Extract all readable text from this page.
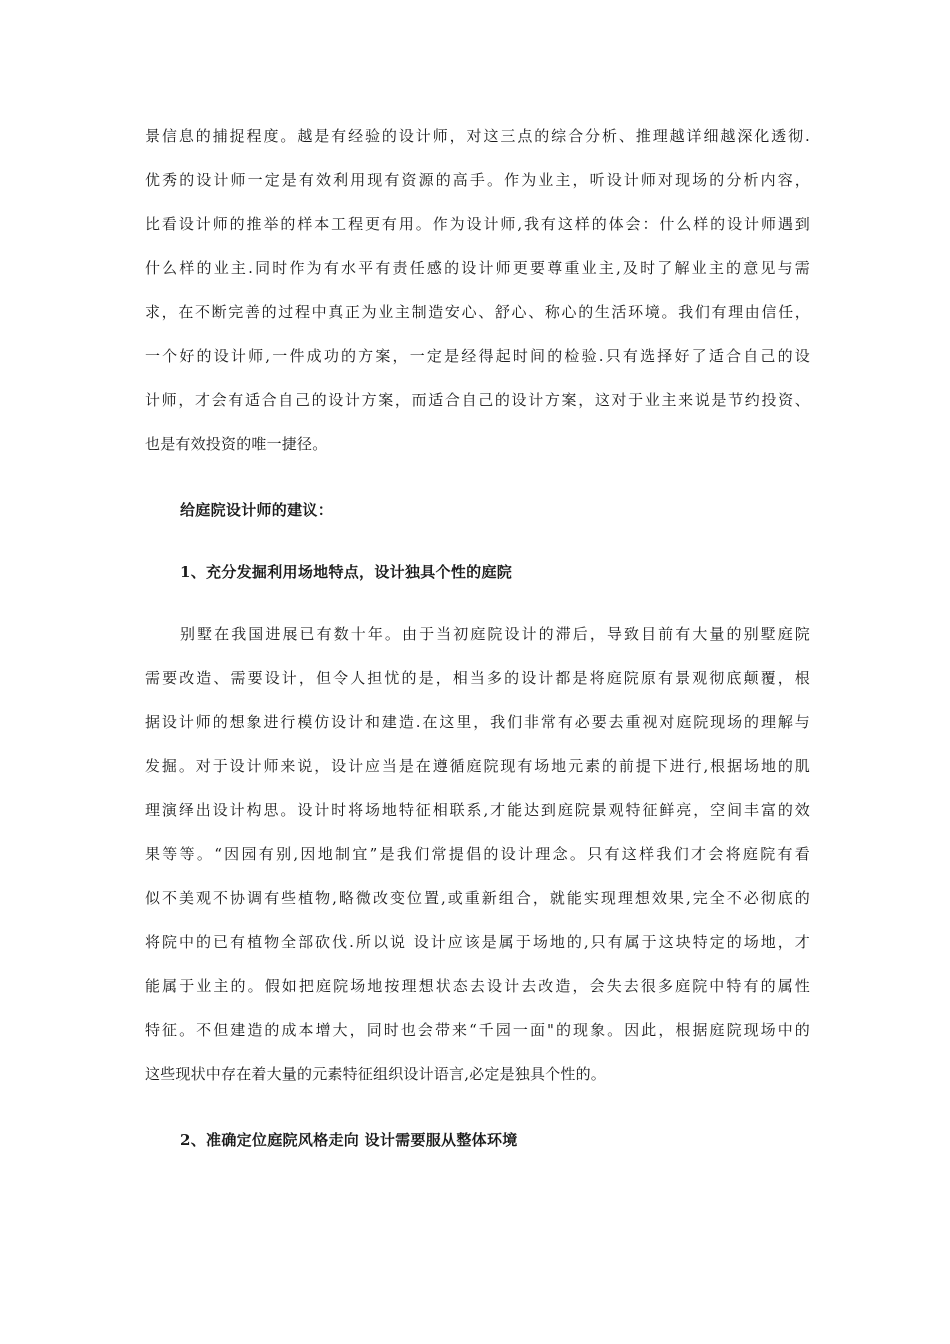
景信息的捕捉程度。越是有经验的设计师，对这三点的综合分析、推理越详细越深化透彻.
优秀的设计师一定是有效利用现有资源的高手。作为业主，听设计师对现场的分析内容，
比看设计师的推举的样本工程更有用。作为设计师,我有这样的体会：什么样的设计师遇到
什么样的业主.同时作为有水平有责任感的设计师更要尊重业主,及时了解业主的意见与需
求，在不断完善的过程中真正为业主制造安心、舒心、称心的生活环境。我们有理由信任，
一个好的设计师,一件成功的方案，一定是经得起时间的检验.只有选择好了适合自己的设
计师，才会有适合自己的设计方案，而适合自己的设计方案，这对于业主来说是节约投资、
也是有效投资的唯一捷径。
给庭院设计师的建议：
1、充分发掘利用场地特点，设计独具个性的庭院
别墅在我国进展已有数十年。由于当初庭院设计的滞后，导致目前有大量的别墅庭院
需要改造、需要设计，但令人担忧的是，相当多的设计都是将庭院原有景观彻底颠覆，根
据设计师的想象进行模仿设计和建造.在这里，我们非常有必要去重视对庭院现场的理解与
发掘。对于设计师来说，设计应当是在遵循庭院现有场地元素的前提下进行,根据场地的肌
理演绎出设计构思。设计时将场地特征相联系,才能达到庭院景观特征鲜亮，空间丰富的效
果等等。“因园有别,因地制宜”是我们常提倡的设计理念。只有这样我们才会将庭院有看
似不美观不协调有些植物,略微改变位置,或重新组合，就能实现理想效果,完全不必彻底的
将院中的已有植物全部砍伐.所以说 设计应该是属于场地的,只有属于这块特定的场地，才
能属于业主的。假如把庭院场地按理想状态去设计去改造，会失去很多庭院中特有的属性
特征。不但建造的成本增大，同时也会带来“千园一面"的现象。因此，根据庭院现场中的
这些现状中存在着大量的元素特征组织设计语言,必定是独具个性的。
2、准确定位庭院风格走向 设计需要服从整体环境
